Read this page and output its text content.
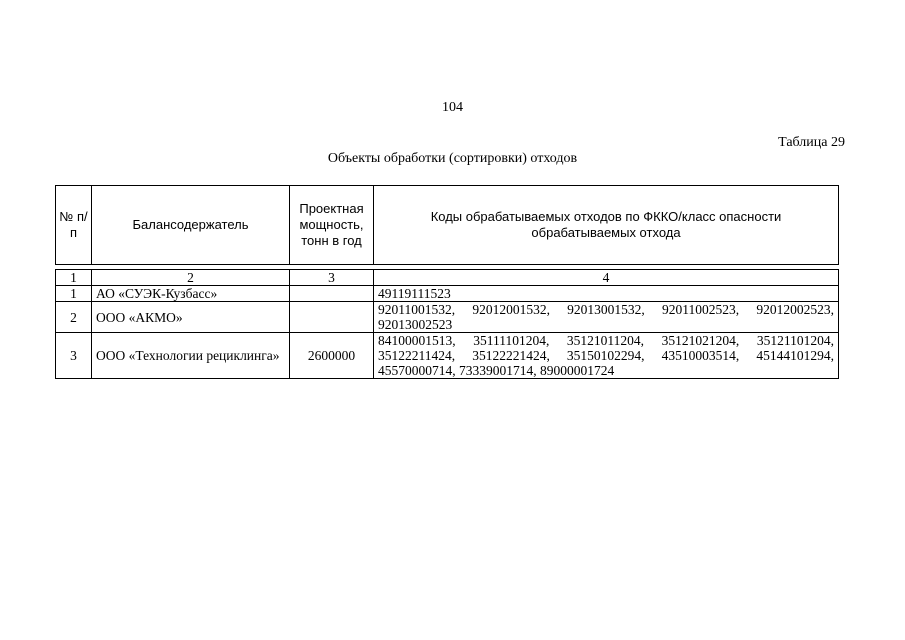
104
Таблица 29
Объекты обработки (сортировки) отходов
№ п/п	Балансодержатель	Проектная мощность, тонн в год	Коды обрабатываемых отходов по ФККО/класс опасности обрабатываемых отхода

1	2	3	4
1	АО «СУЭК-Кузбасс»		49119111523
2	ООО «АКМО»		92011001532, 92012001532, 92013001532, 92011002523, 92012002523, 92013002523
3	ООО «Технологии рециклинга»	2600000	84100001513, 35111101204, 35121011204, 35121021204, 35121101204, 35122211424, 35122221424, 35150102294, 43510003514, 45144101294, 45570000714, 73339001714, 89000001724
